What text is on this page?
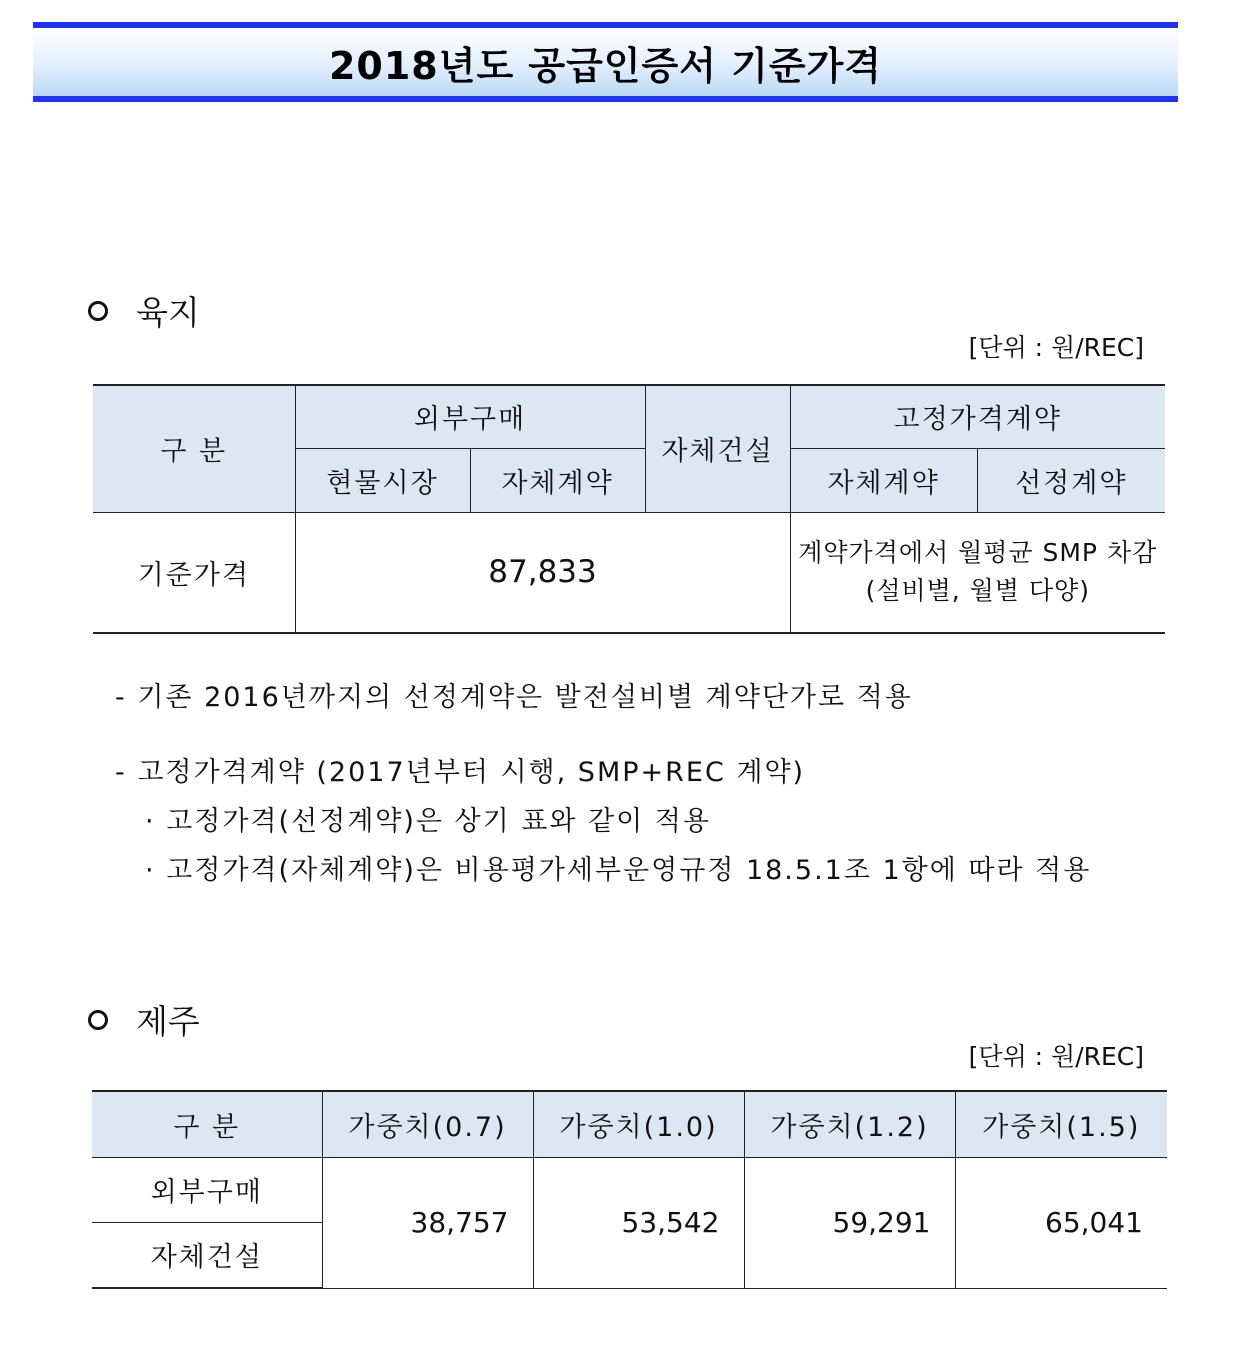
2018년도 공급인증서 기준가격
육지
[단위 : 원/REC]
구 분	외부구매		자체건설	고정가격계약	
	현물시장	자체계약		자체계약	선정계약
기준가격	87,833			계약가격에서 월평균 SMP 차감
(설비별, 월별 다양)	
- 기존 2016년까지의 선정계약은 발전설비별 계약단가로 적용
- 고정가격계약 (2017년부터 시행, SMP+REC 계약)
· 고정가격(선정계약)은 상기 표와 같이 적용
· 고정가격(자체계약)은 비용평가세부운영규정 18.5.1조 1항에 따라 적용
제주
[단위 : 원/REC]
구 분	가중치(0.7)	가중치(1.0)	가중치(1.2)	가중치(1.5)
외부구매	38,757	53,542	59,291	65,041
자체건설				
